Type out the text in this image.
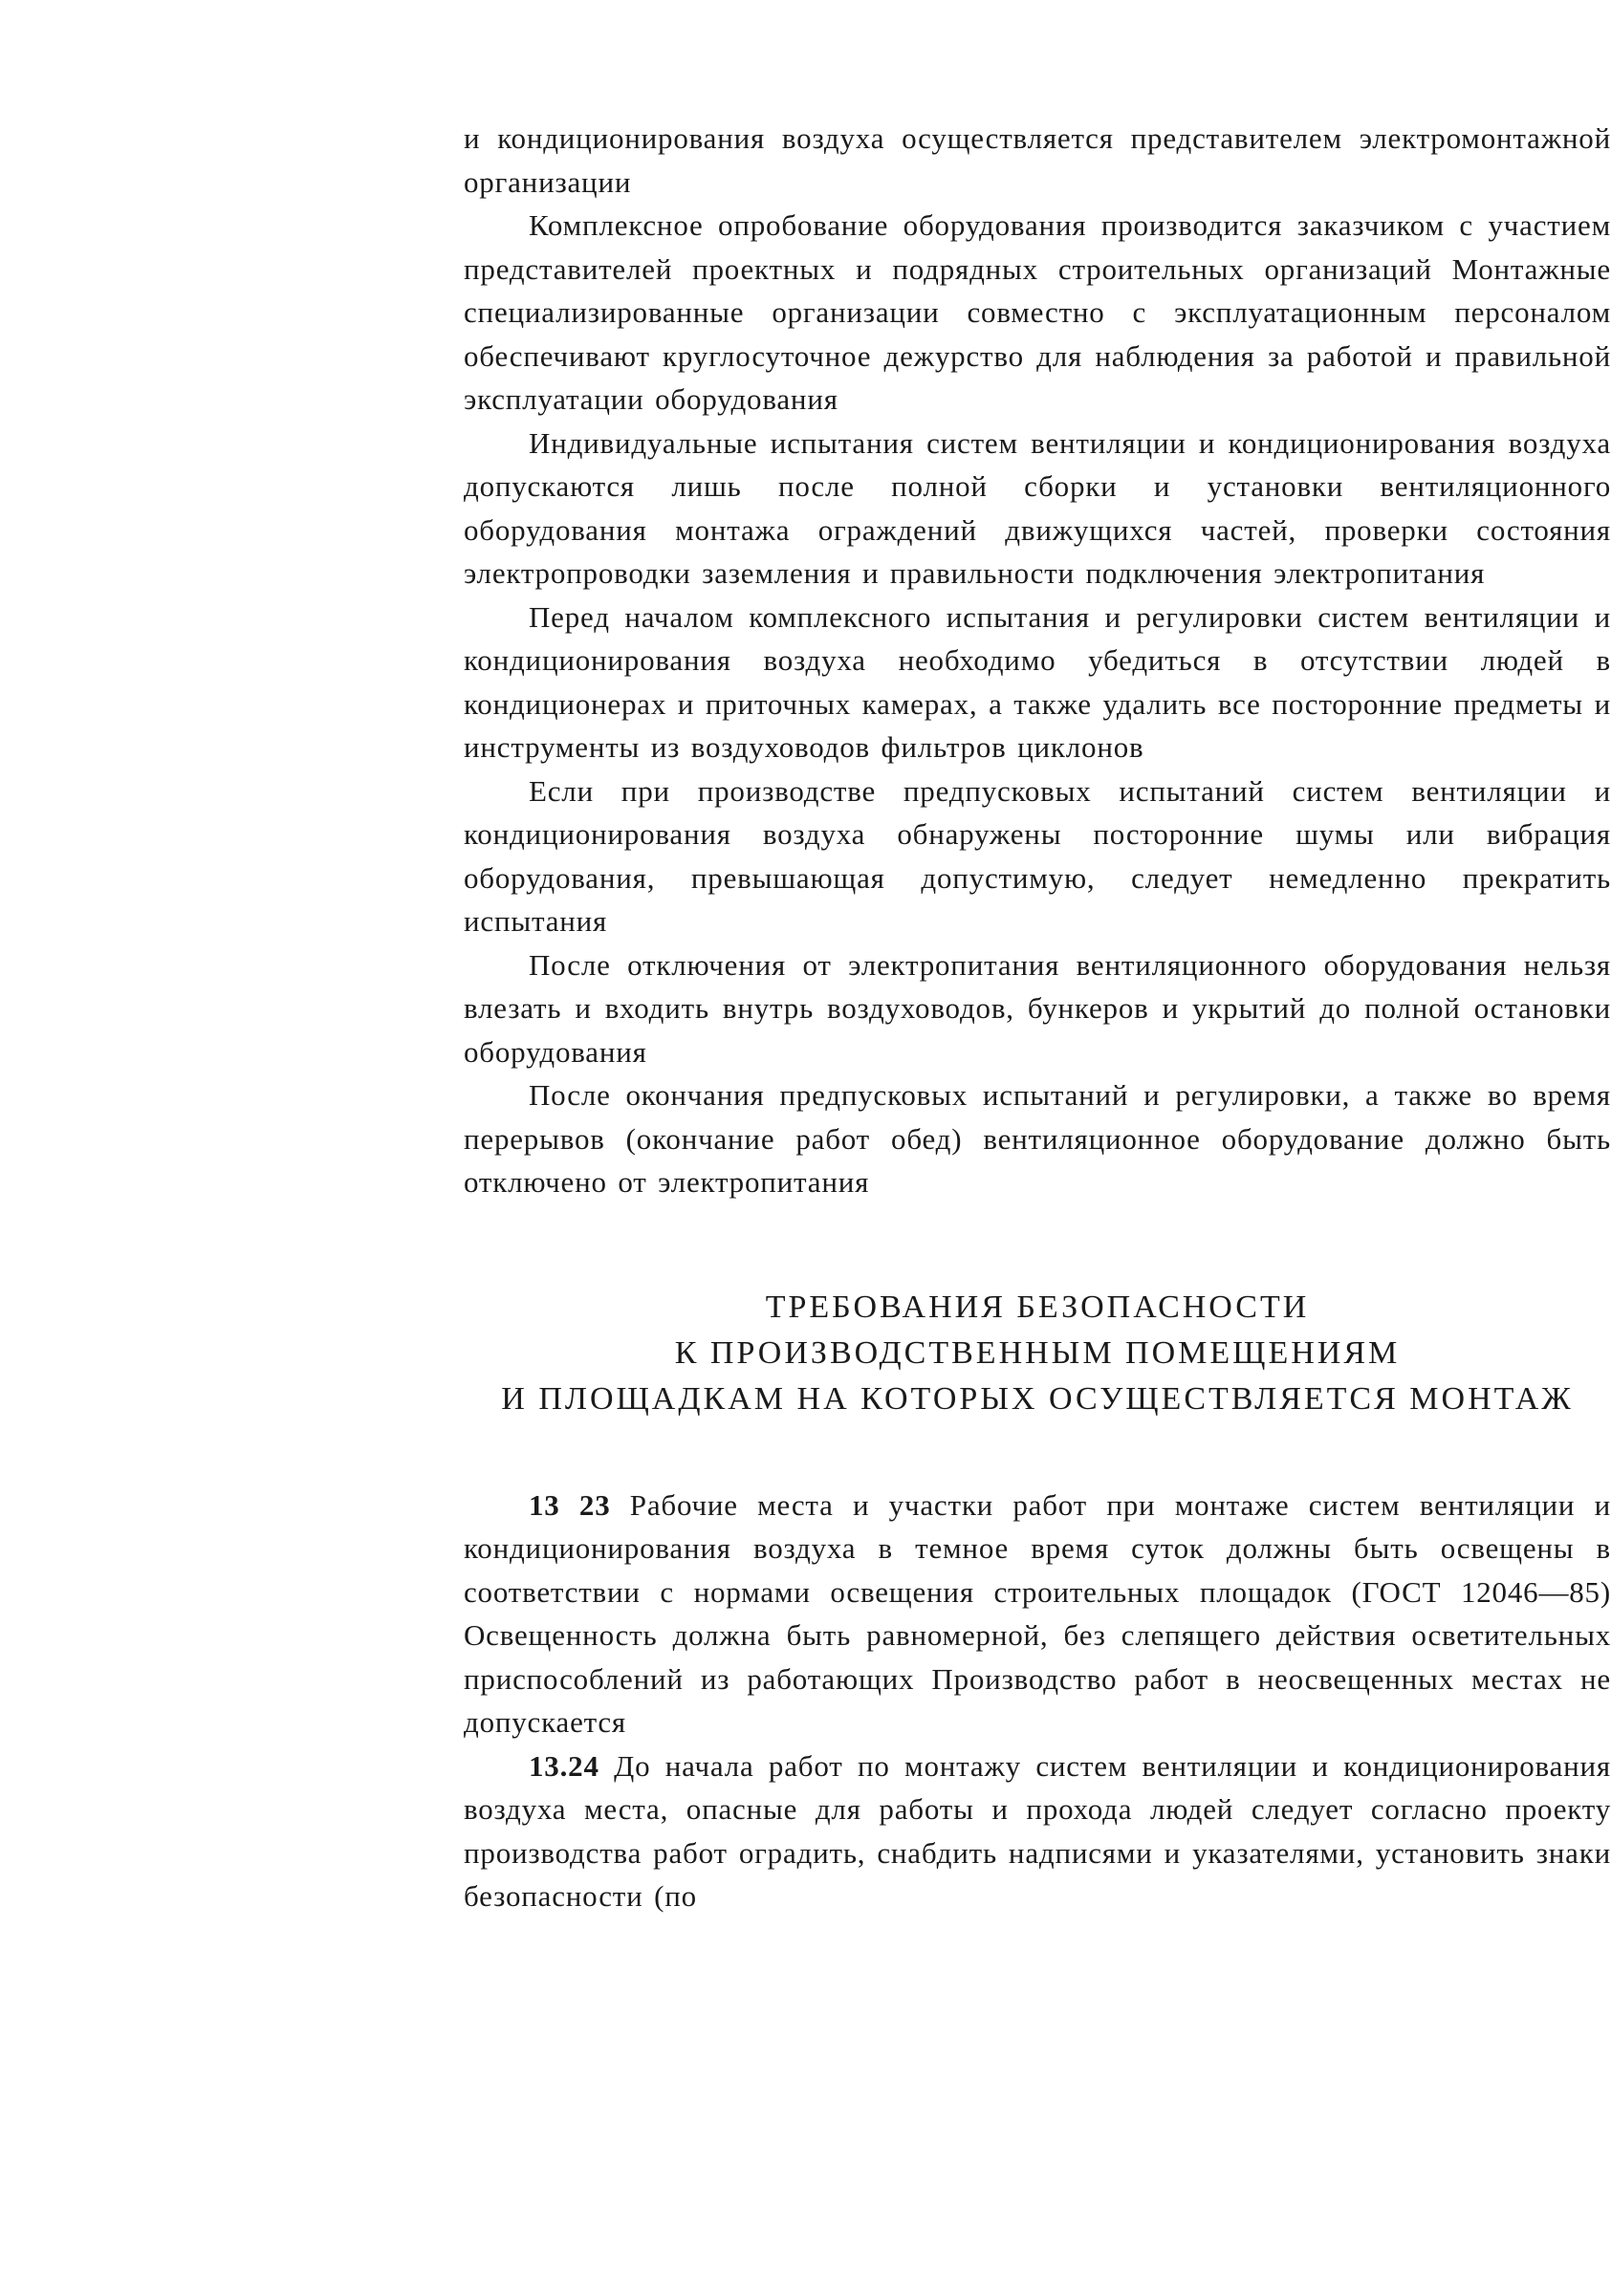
и кондиционирования воздуха осуществляется представителем электромонтажной организации

Комплексное опробование оборудования производится заказчиком с участием представителей проектных и подрядных строительных организаций Монтажные специализированные организации совместно с эксплуатационным персоналом обеспечивают круглосуточное дежурство для наблюдения за работой и правильной эксплуатации оборудования

Индивидуальные испытания систем вентиляции и кондиционирования воздуха допускаются лишь после полной сборки и установки вентиляционного оборудования монтажа ограждений движущихся частей, проверки состояния электропроводки заземления и правильности подключения электропитания

Перед началом комплексного испытания и регулировки систем вентиляции и кондиционирования воздуха необходимо убедиться в отсутствии людей в кондиционерах и приточных камерах, а также удалить все посторонние предметы и инструменты из воздуховодов фильтров циклонов

Если при производстве предпусковых испытаний систем вентиляции и кондиционирования воздуха обнаружены посторонние шумы или вибрация оборудования, превышающая допустимую, следует немедленно прекратить испытания

После отключения от электропитания вентиляционного оборудования нельзя влезать и входить внутрь воздуховодов, бункеров и укрытий до полной остановки оборудования

После окончания предпусковых испытаний и регулировки, а также во время перерывов (окончание работ обед) вентиляционное оборудование должно быть отключено от электропитания

ТРЕБОВАНИЯ БЕЗОПАСНОСТИ
К ПРОИЗВОДСТВЕННЫМ ПОМЕЩЕНИЯМ
И ПЛОЩАДКАМ НА КОТОРЫХ ОСУЩЕСТВЛЯЕТСЯ МОНТАЖ

13 23 Рабочие места и участки работ при монтаже систем вентиляции и кондиционирования воздуха в темное время суток должны быть освещены в соответствии с нормами освещения строительных площадок (ГОСТ 12046—85) Освещенность должна быть равномерной, без слепящего действия осветительных приспособлений из работающих Производство работ в неосвещенных местах не допускается

13.24 До начала работ по монтажу систем вентиляции и кондиционирования воздуха места, опасные для работы и прохода людей следует согласно проекту производства работ оградить, снабдить надписями и указателями, установить знаки безопасности (по
